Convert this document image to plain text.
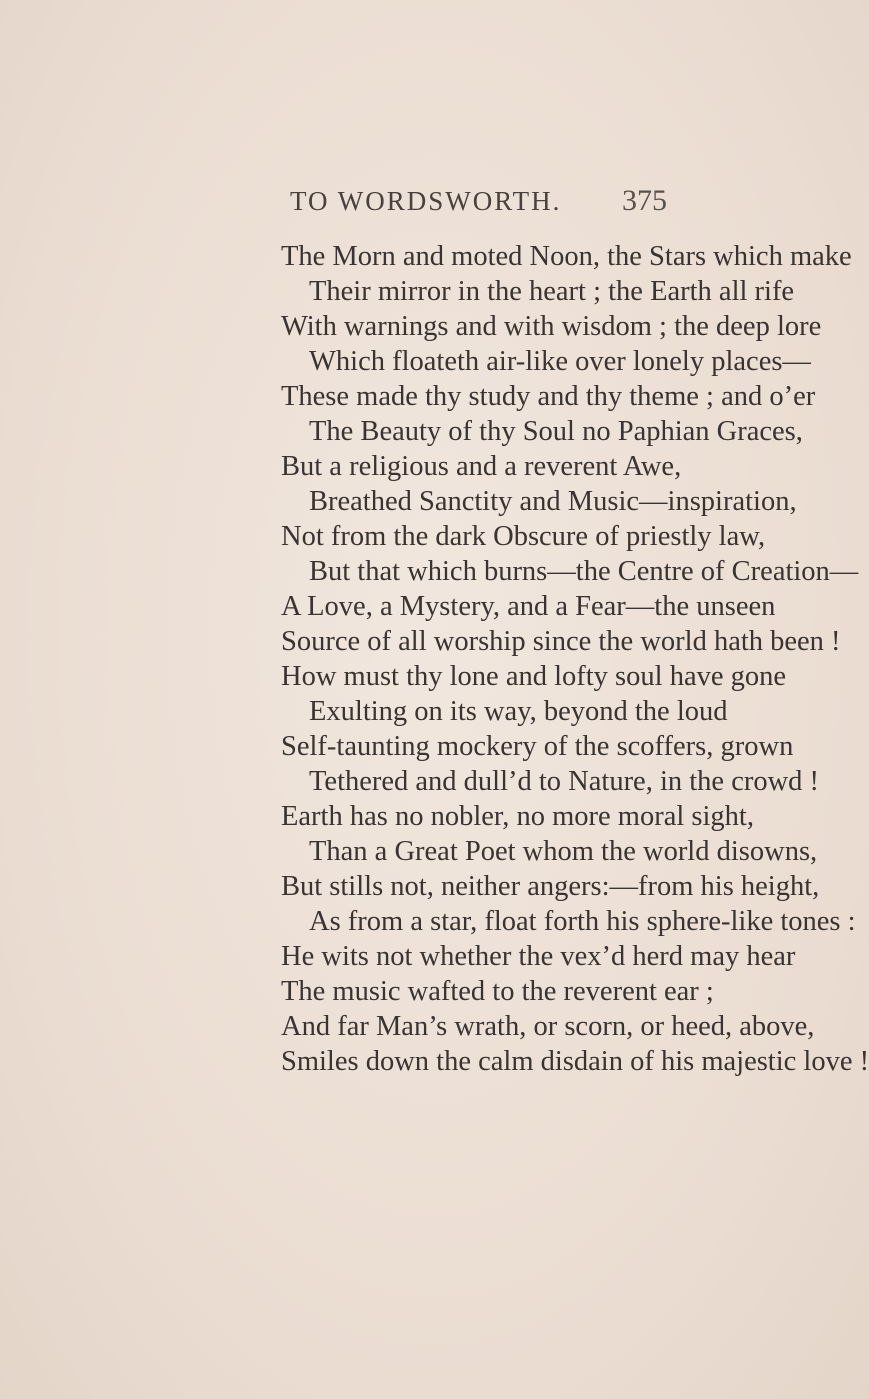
TO WORDSWORTH. 375
The Morn and moted Noon, the Stars which make
Their mirror in the heart ; the Earth all rife
With warnings and with wisdom ; the deep lore
Which floateth air-like over lonely places—
These made thy study and thy theme ; and o’er
The Beauty of thy Soul no Paphian Graces,
But a religious and a reverent Awe,
Breathed Sanctity and Music—inspiration,
Not from the dark Obscure of priestly law,
But that which burns—the Centre of Creation—
A Love, a Mystery, and a Fear—the unseen
Source of all worship since the world hath been !
How must thy lone and lofty soul have gone
Exulting on its way, beyond the loud
Self-taunting mockery of the scoffers, grown
Tethered and dull’d to Nature, in the crowd !
Earth has no nobler, no more moral sight,
Than a Great Poet whom the world disowns,
But stills not, neither angers:—from his height,
As from a star, float forth his sphere-like tones :
He wits not whether the vex’d herd may hear
The music wafted to the reverent ear ;
And far Man’s wrath, or scorn, or heed, above,
Smiles down the calm disdain of his majestic love !
